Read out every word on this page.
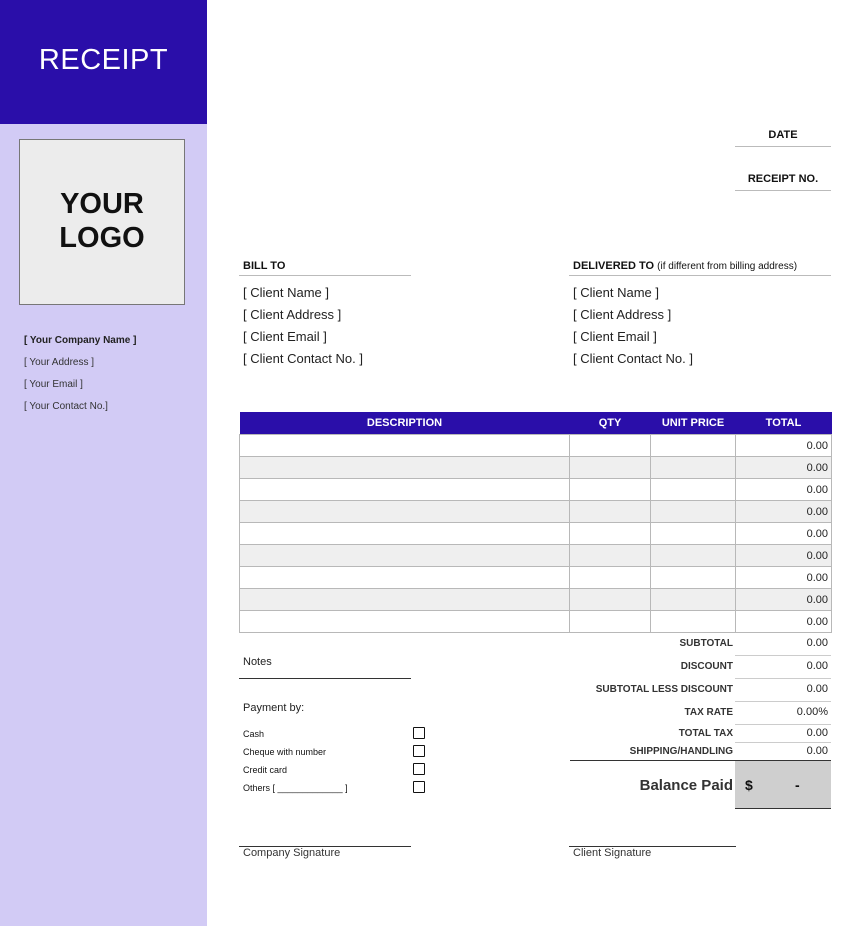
RECEIPT
YOUR
LOGO
[ Your Company Name ]
[ Your Address ]
[ Your Email ]
[ Your Contact No.]
DATE
RECEIPT NO.
BILL TO
[ Client Name ]
[ Client Address ]
[ Client Email ]
[ Client Contact No. ]
DELIVERED TO (if different from billing address)
[ Client Name ]
[ Client Address ]
[ Client Email ]
[ Client Contact No. ]
DESCRIPTION	QTY	UNIT PRICE	TOTAL
			0.00
			0.00
			0.00
			0.00
			0.00
			0.00
			0.00
			0.00
			0.00
SUBTOTAL	0.00
DISCOUNT	0.00
SUBTOTAL LESS DISCOUNT	0.00
TAX RATE	0.00%
TOTAL TAX	0.00
SHIPPING/HANDLING	0.00
Balance Paid $	-
Notes
Payment by:
Cash
Cheque with number
Credit card
Others [ _____________ ]
Company Signature	Client Signature
